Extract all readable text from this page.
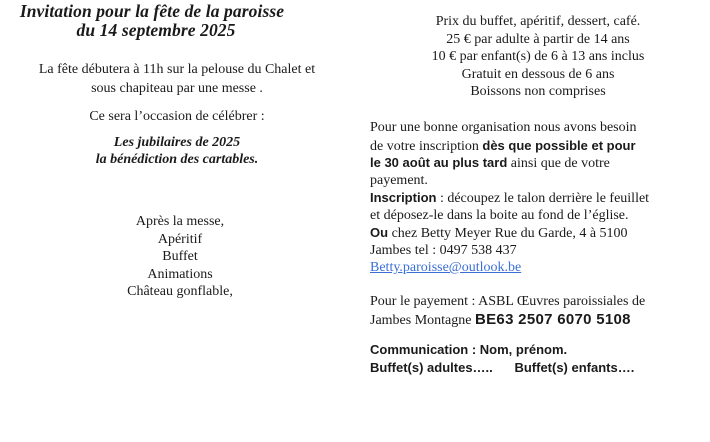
Invitation pour la fête de la paroisse
du 14 septembre 2025
La fête débutera à 11h sur la pelouse du Chalet et
sous chapiteau par une messe .
Ce sera l’occasion de célébrer :
Les jubilaires de 2025
la bénédiction des cartables.
Après la messe,
Apéritif
Buffet
Animations
Château gonflable,
Prix du buffet, apéritif, dessert, café.
25 € par adulte à partir de 14 ans
10 € par enfant(s) de 6 à 13 ans inclus
Gratuit en dessous de 6 ans
Boissons non comprises
Pour une bonne organisation nous avons besoin
de votre inscription dès que possible et pour
le 30 août au plus tard ainsi que de votre
payement.
Inscription : découpez le talon derrière le feuillet
et déposez-le dans la boite au fond de l’église.
Ou chez Betty Meyer Rue du Garde, 4 à 5100
Jambes tel : 0497 538 437
Betty.paroisse@outlook.be
Pour le payement : ASBL Œuvres paroissiales de
Jambes Montagne BE63 2507 6070 5108
Communication : Nom, prénom.
Buffet(s) adultes…..      Buffet(s) enfants….
